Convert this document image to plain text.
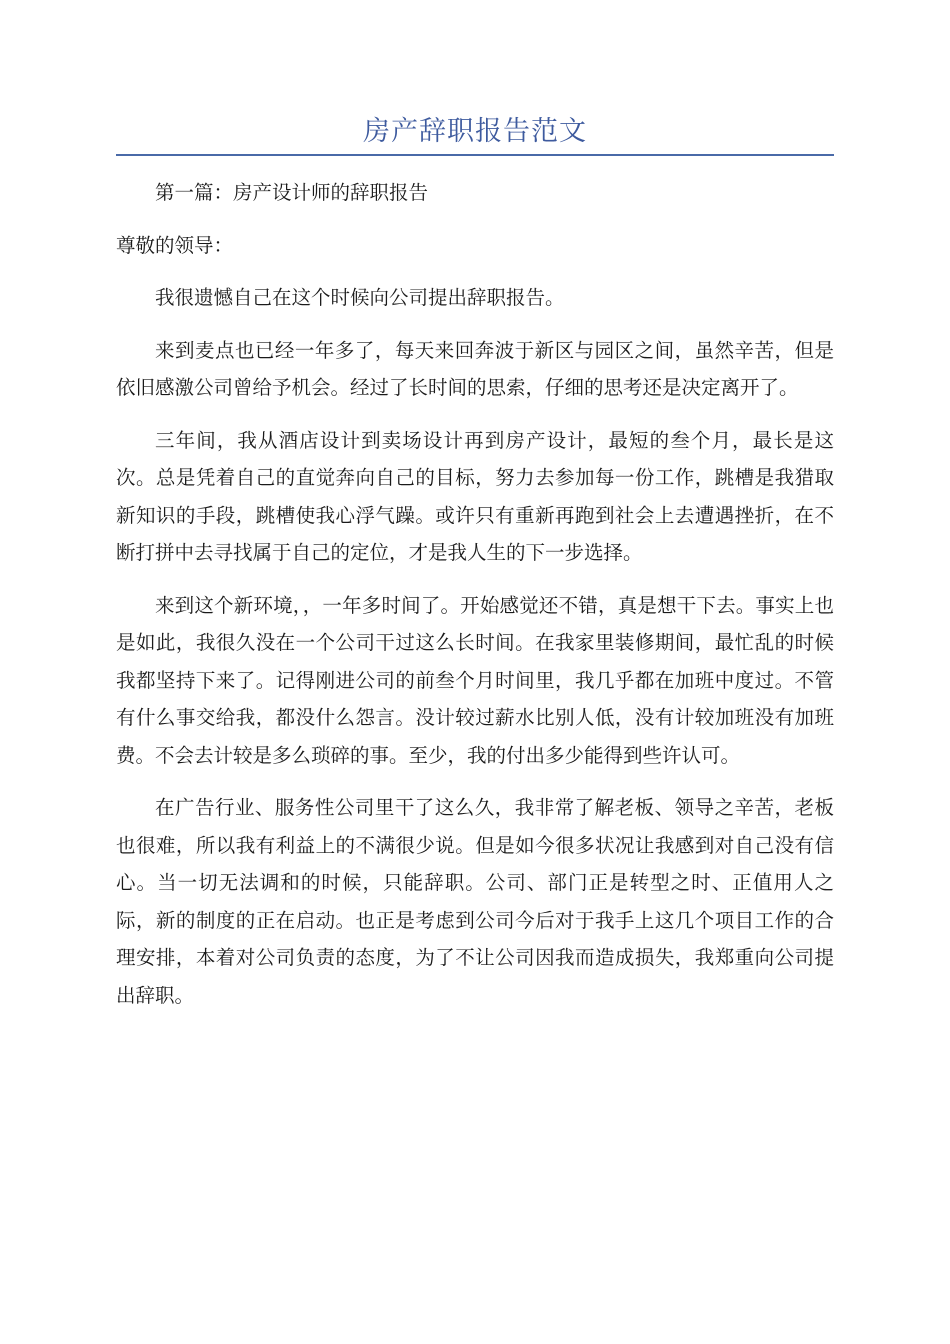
房产辞职报告范文

第一篇：房产设计师的辞职报告

尊敬的领导：

我很遗憾自己在这个时候向公司提出辞职报告。

来到麦点也已经一年多了，每天来回奔波于新区与园区之间，虽然辛苦，但是依旧感激公司曾给予机会。经过了长时间的思索，仔细的思考还是决定离开了。

三年间，我从酒店设计到卖场设计再到房产设计，最短的叁个月，最长是这次。总是凭着自己的直觉奔向自己的目标，努力去参加每一份工作，跳槽是我猎取新知识的手段，跳槽使我心浮气躁。或许只有重新再跑到社会上去遭遇挫折，在不断打拼中去寻找属于自己的定位，才是我人生的下一步选择。

来到这个新环境，，一年多时间了。开始感觉还不错，真是想干下去。事实上也是如此，我很久没在一个公司干过这么长时间。在我家里装修期间，最忙乱的时候我都坚持下来了。记得刚进公司的前叁个月时间里，我几乎都在加班中度过。不管有什么事交给我，都没什么怨言。没计较过薪水比别人低，没有计较加班没有加班费。不会去计较是多么琐碎的事。至少，我的付出多少能得到些许认可。

在广告行业、服务性公司里干了这么久，我非常了解老板、领导之辛苦，老板也很难，所以我有利益上的不满很少说。但是如今很多状况让我感到对自己没有信心。当一切无法调和的时候，只能辞职。公司、部门正是转型之时、正值用人之际，新的制度的正在启动。也正是考虑到公司今后对于我手上这几个项目工作的合理安排，本着对公司负责的态度，为了不让公司因我而造成损失，我郑重向公司提出辞职。
